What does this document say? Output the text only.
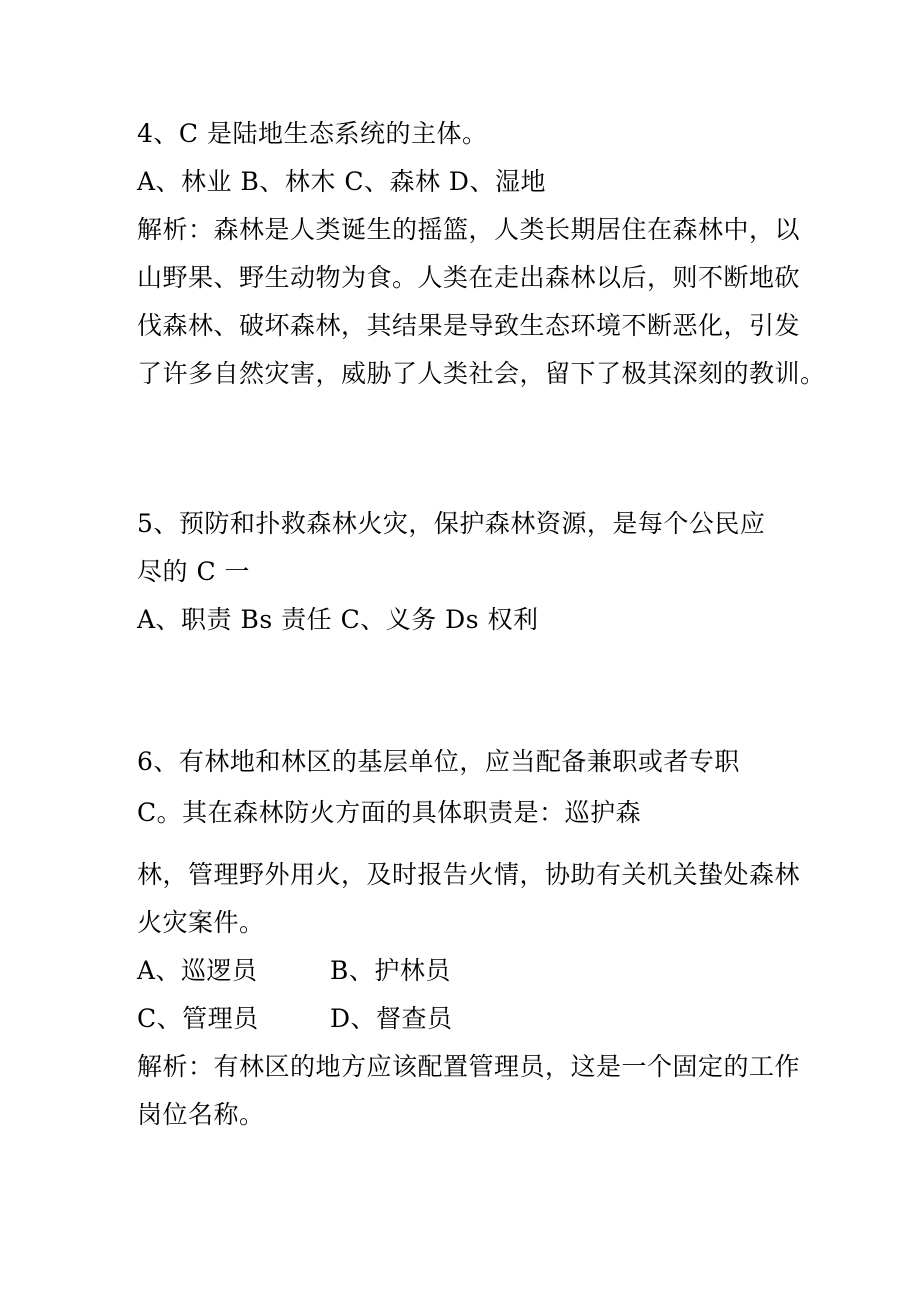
4、C 是陆地生态系统的主体。
A、林业 B、林木 C、森林 D、湿地
解析：森林是人类诞生的摇篮，人类长期居住在森林中，以
山野果、野生动物为食。人类在走出森林以后，则不断地砍
伐森林、破坏森林，其结果是导致生态环境不断恶化，引发
了许多自然灾害，威胁了人类社会，留下了极其深刻的教训。
5、预防和扑救森林火灾，保护森林资源，是每个公民应
尽的 C 一
A、职责 Bs 责任 C、义务 Ds 权利
6、有林地和林区的基层单位，应当配备兼职或者专职
C。其在森林防火方面的具体职责是：巡护森
林，管理野外用火，及时报告火情，协助有关机关蛰处森林
火灾案件。
A、巡逻员	B、护林员
C、管理员	D、督查员
解析：有林区的地方应该配置管理员，这是一个固定的工作
岗位名称。
